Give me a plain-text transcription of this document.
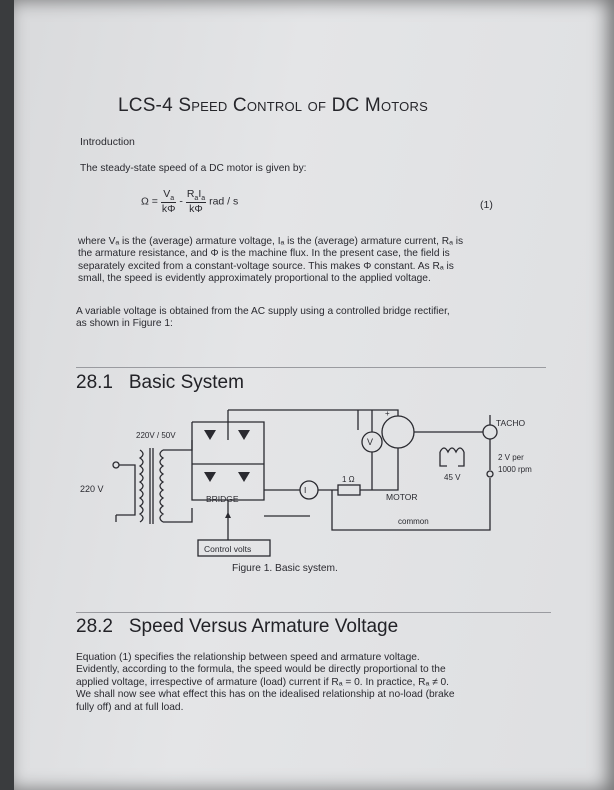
LCS-4 Speed Control of DC Motors
Introduction
The steady-state speed of a DC motor is given by:
$\Omega = \frac{V_a}{k\Phi} - \frac{R_aI_a}{k\Phi}$ rad / s	(1)
where Vₐ is the (average) armature voltage, Iₐ is the (average) armature current, Rₐ is
the armature resistance, and Φ is the machine flux. In the present case, the field is
separately excited from a constant-voltage source. This makes Φ constant. As Rₐ is
small, the speed is evidently approximately proportional to the applied voltage.
A variable voltage is obtained from the AC supply using a controlled bridge rectifier,
as shown in Figure 1:
28.1 Basic System
220V / 50V
220 V
BRIDGE
Control volts
V
I
1 Ω
+
MOTOR
45 V
TACHO
2 V per
1000 rpm
common
Figure 1. Basic system.
28.2 Speed Versus Armature Voltage
Equation (1) specifies the relationship between speed and armature voltage.
Evidently, according to the formula, the speed would be directly proportional to the
applied voltage, irrespective of armature (load) current if Rₐ = 0. In practice, Rₐ ≠ 0.
We shall now see what effect this has on the idealised relationship at no-load (brake
fully off) and at full load.
